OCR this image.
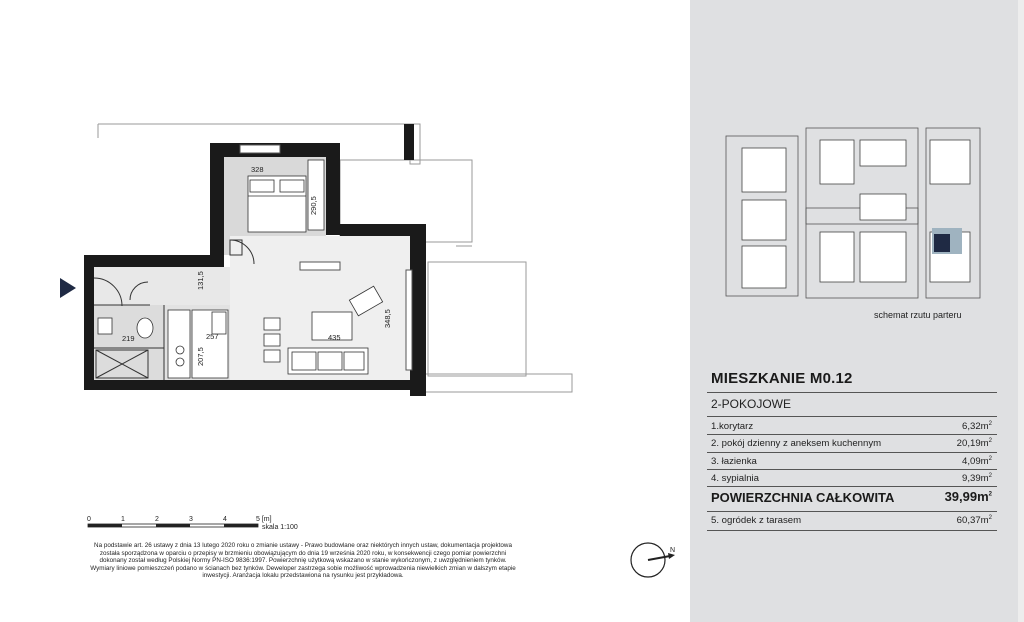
328
290,5
131,5
348,5
219	257
207,5
435
0	1	2	3	4	5 [m]
skala 1:100
Na podstawie art. 26 ustawy z dnia 13 lutego 2020 roku o zmianie ustawy - Prawo budowlane oraz niektórych innych ustaw, dokumentacja projektowa została sporządzona w oparciu o przepisy w brzmieniu obowiązującym do dnia 19 września 2020 roku, w konsekwencji czego pomiar powierzchni dokonany został według Polskiej Normy PN-ISO 9836:1997. Powierzchnię użytkową wskazano w stanie wykończonym, z uwzględnieniem tynków. Wymiary liniowe pomieszczeń podano w ścianach bez tynków. Deweloper zastrzega sobie możliwość wprowadzenia niewielkich zmian w dalszym etapie inwestycji. Aranżacja lokalu przedstawiona na rysunku jest przykładowa.
N
schemat rzutu parteru
MIESZKANIE M0.12
2-POKOJOWE
1.korytarz	$6,32m^2$
2. pokój dzienny z aneksem kuchennym	$20,19m^2$
3. łazienka	$4,09m^2$
4. sypialnia	$9,39m^2$
POWIERZCHNIA CAŁKOWITA	$39,99m^2$
5. ogródek z tarasem	$60,37m^2$
